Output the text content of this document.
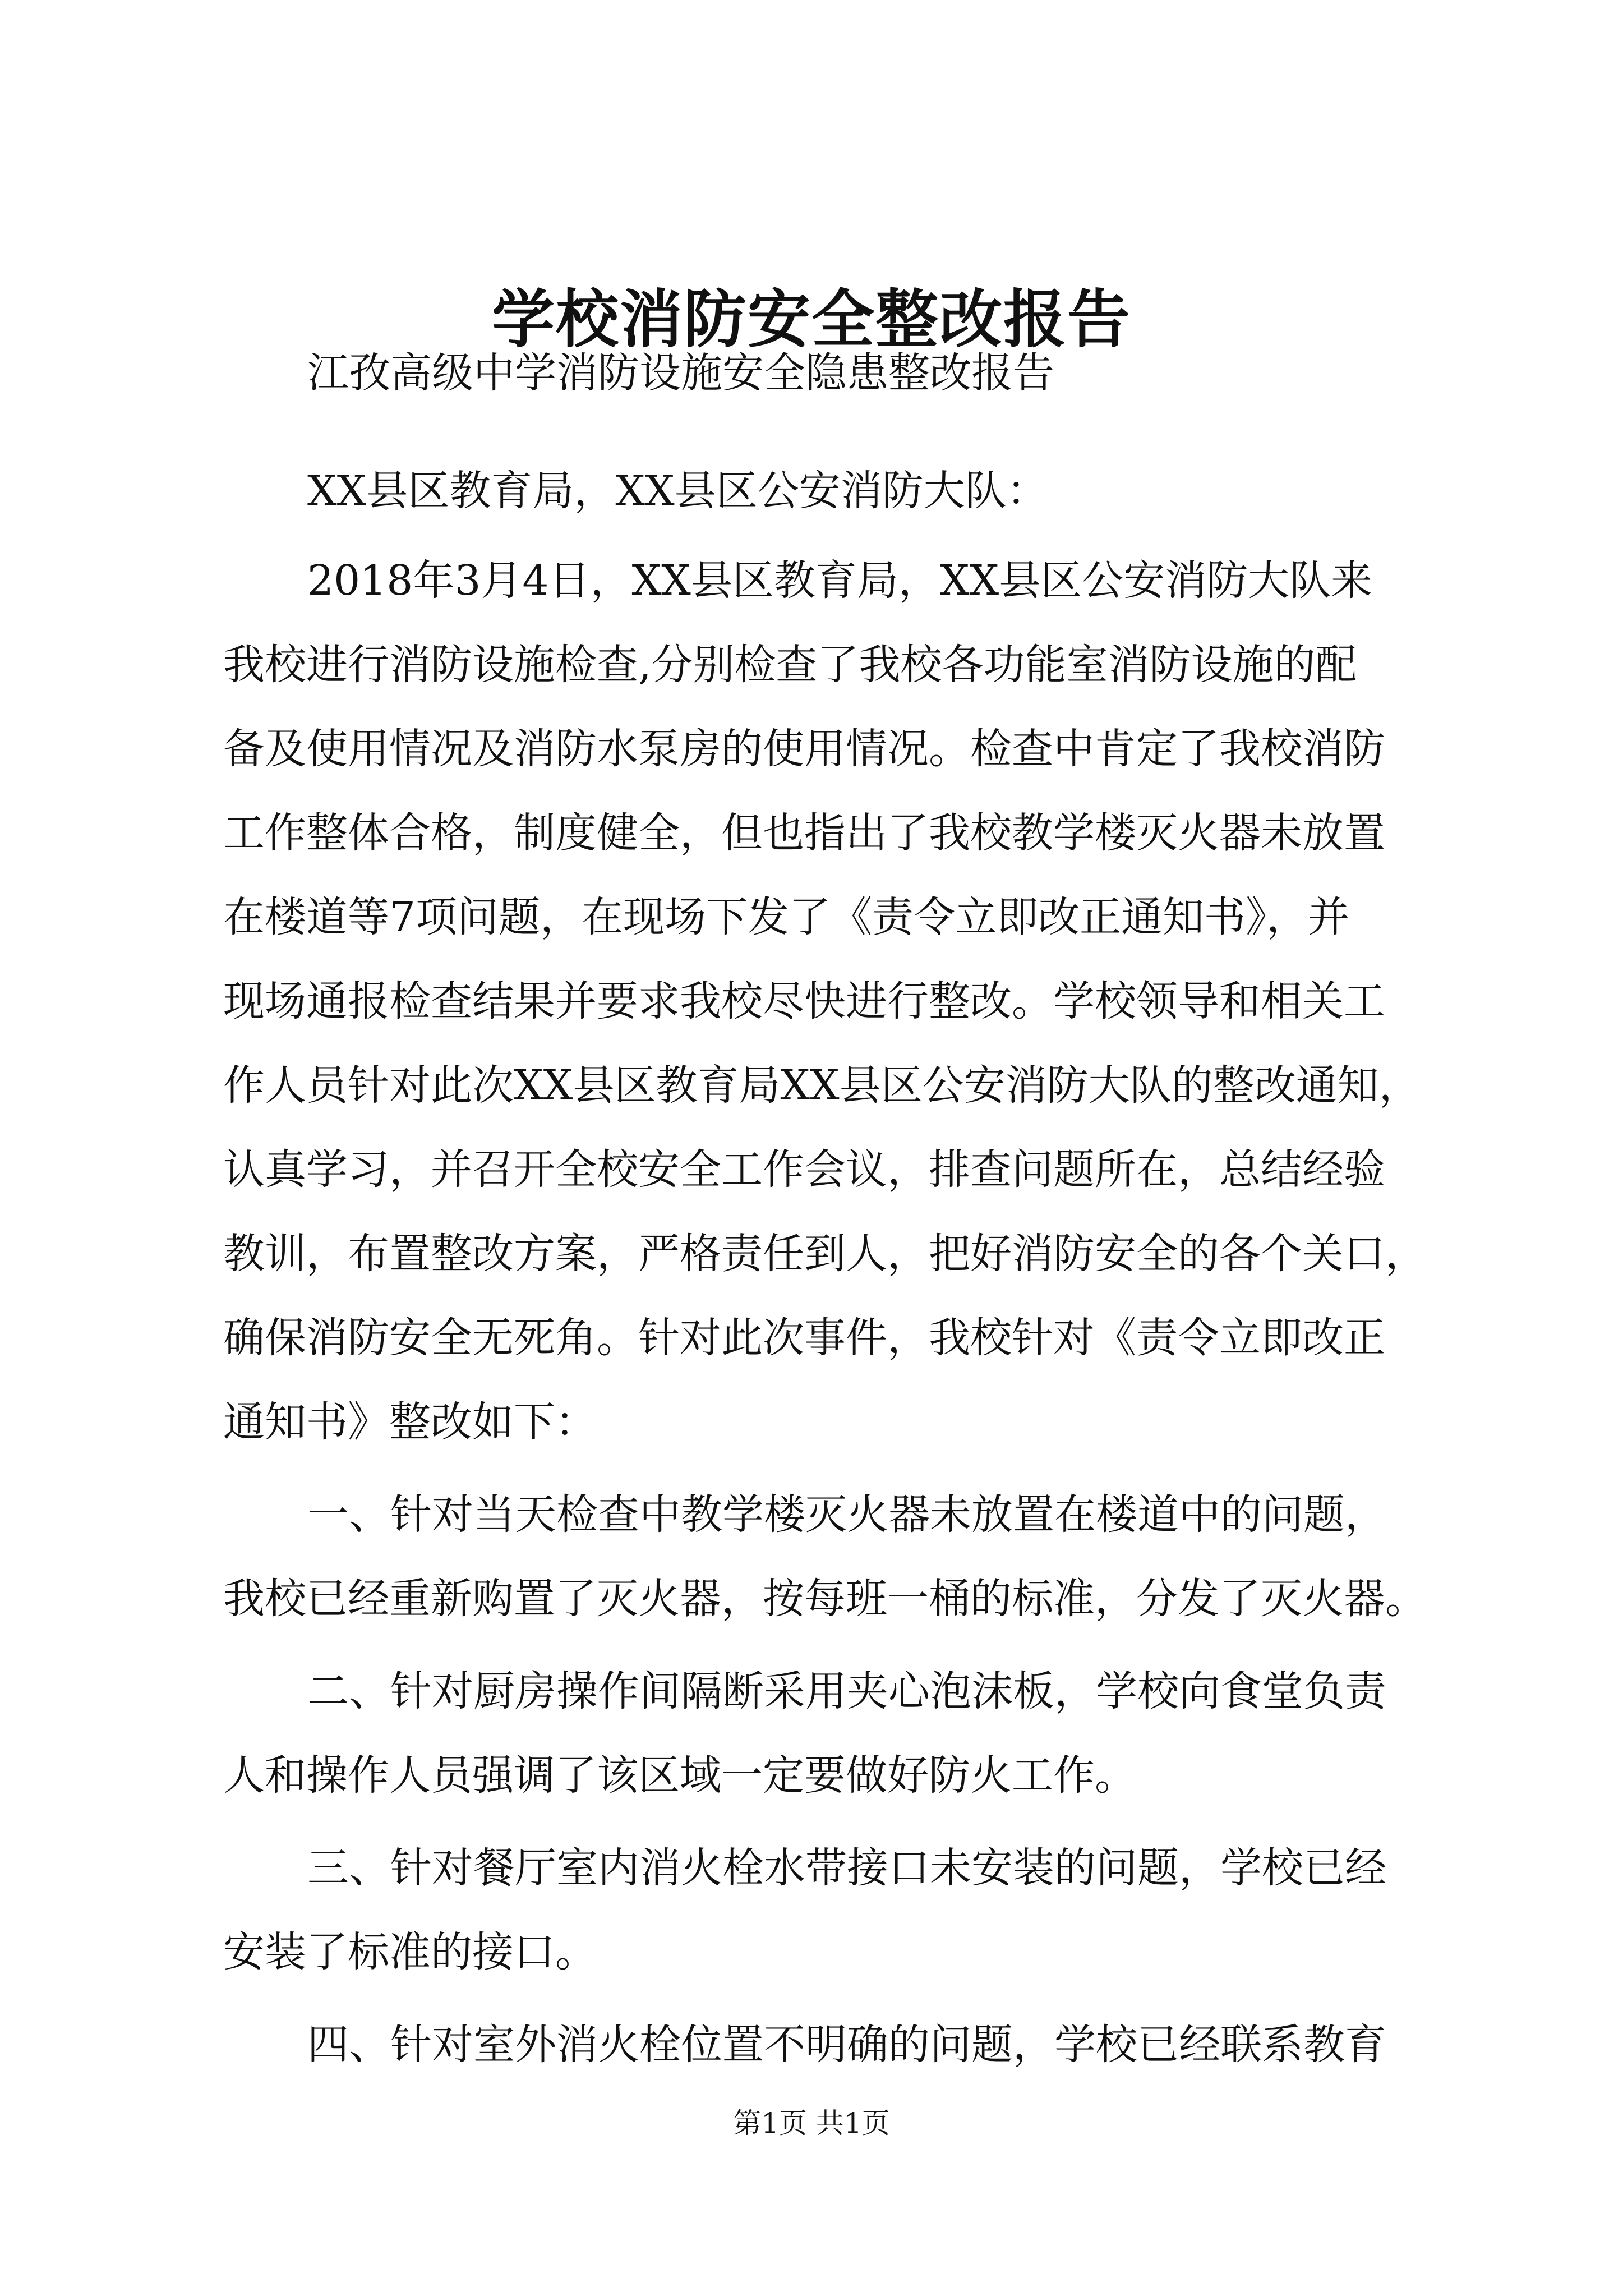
学校消防安全整改报告
江孜高级中学消防设施安全隐患整改报告
XX县区教育局，XX县区公安消防大队：
2018年3月4日，XX县区教育局，XX县区公安消防大队来
我校进行消防设施检查,分别检查了我校各功能室消防设施的配
备及使用情况及消防水泵房的使用情况。检查中肯定了我校消防
工作整体合格，制度健全，但也指出了我校教学楼灭火器未放置
在楼道等7项问题，在现场下发了《责令立即改正通知书》，并
现场通报检查结果并要求我校尽快进行整改。学校领导和相关工
作人员针对此次XX县区教育局XX县区公安消防大队的整改通知，
认真学习，并召开全校安全工作会议，排查问题所在，总结经验
教训，布置整改方案，严格责任到人，把好消防安全的各个关口，
确保消防安全无死角。针对此次事件，我校针对《责令立即改正
通知书》整改如下：
一、针对当天检查中教学楼灭火器未放置在楼道中的问题，
我校已经重新购置了灭火器，按每班一桶的标准，分发了灭火器。
二、针对厨房操作间隔断采用夹心泡沫板，学校向食堂负责
人和操作人员强调了该区域一定要做好防火工作。
三、针对餐厅室内消火栓水带接口未安装的问题，学校已经
安装了标准的接口。
四、针对室外消火栓位置不明确的问题，学校已经联系教育
第1页 共1页
